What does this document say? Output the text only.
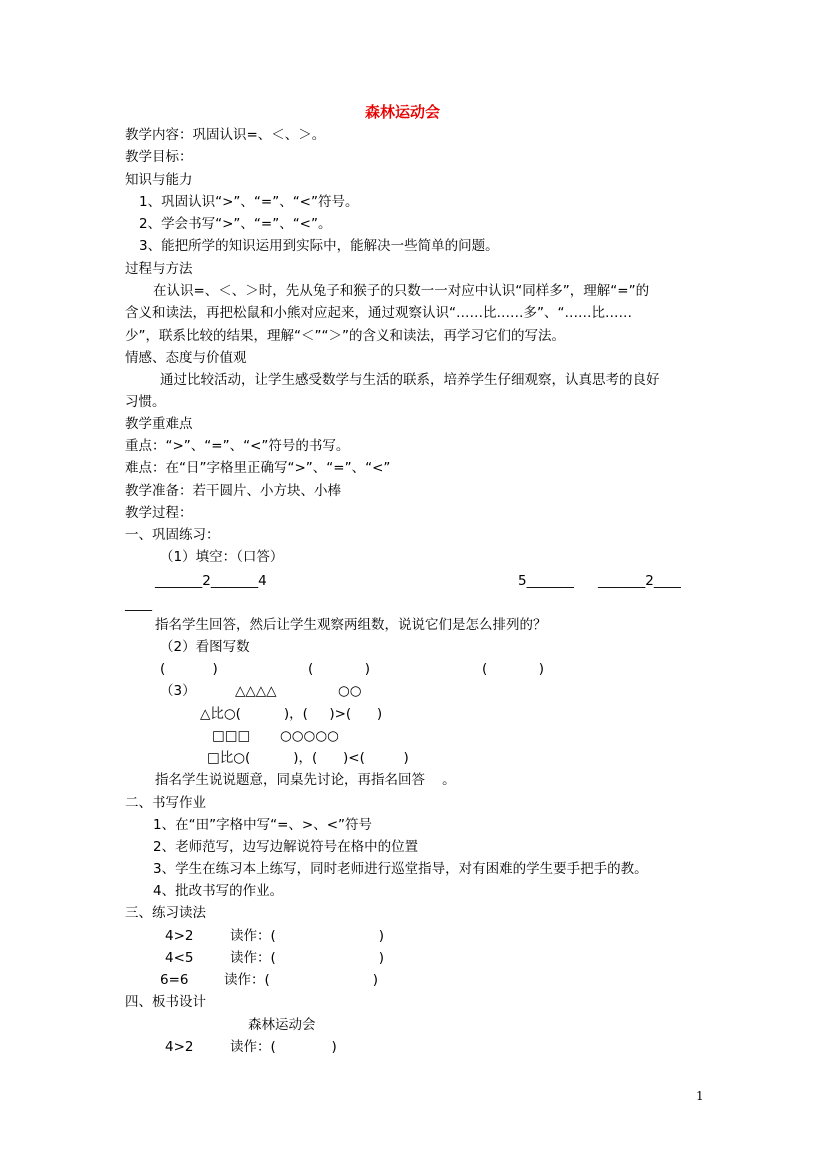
森林运动会
教学内容：巩固认识=、＜、＞。
教学目标：
知识与能力
1、巩固认识“>”、“=”、“<”符号。
2、学会书写“>”、“=”、“<”。
3、能把所学的知识运用到实际中，能解决一些简单的问题。
过程与方法
在认识=、＜、＞时，先从兔子和猴子的只数一一对应中认识“同样多”，理解“=”的
含义和读法，再把松鼠和小熊对应起来，通过观察认识“……比……多”、“……比……
少”，联系比较的结果，理解“＜”“＞”的含义和读法，再学习它们的写法。
情感、态度与价值观
通过比较活动，让学生感受数学与生活的联系，培养学生仔细观察，认真思考的良好
习惯。
教学重难点
重点：“>”、“=”、“<”符号的书写。
难点：在“日”字格里正确写“>”、“=”、“<”
教学准备：若干圆片、小方块、小棒
教学过程：
一、巩固练习：
（1）填空：（口答）
_______2_______4	5_______ _______2____
____
指名学生回答，然后让学生观察两组数，说说它们是怎么排列的？
（2）看图写数
(           )	(            )	(            )
（3）	△△△△	○○
△比○(          )，(     )>(      )
□□□ ○○○○○
□比○(          )，(      )<(         )
指名学生说说题意，同桌先讨论，再指名回答    。
二、书写作业
1、在“田”字格中写“=、>、<”符号
2、老师范写，边写边解说符号在格中的位置
3、学生在练习本上练写，同时老师进行巡堂指导，对有困难的学生要手把手的教。
4、批改书写的作业。
三、练习读法
4>2	读作：(                        )
4<5	读作：(                        )
6=6	读作：(                        )
四、板书设计
森林运动会
4>2	读作：(             )
1
